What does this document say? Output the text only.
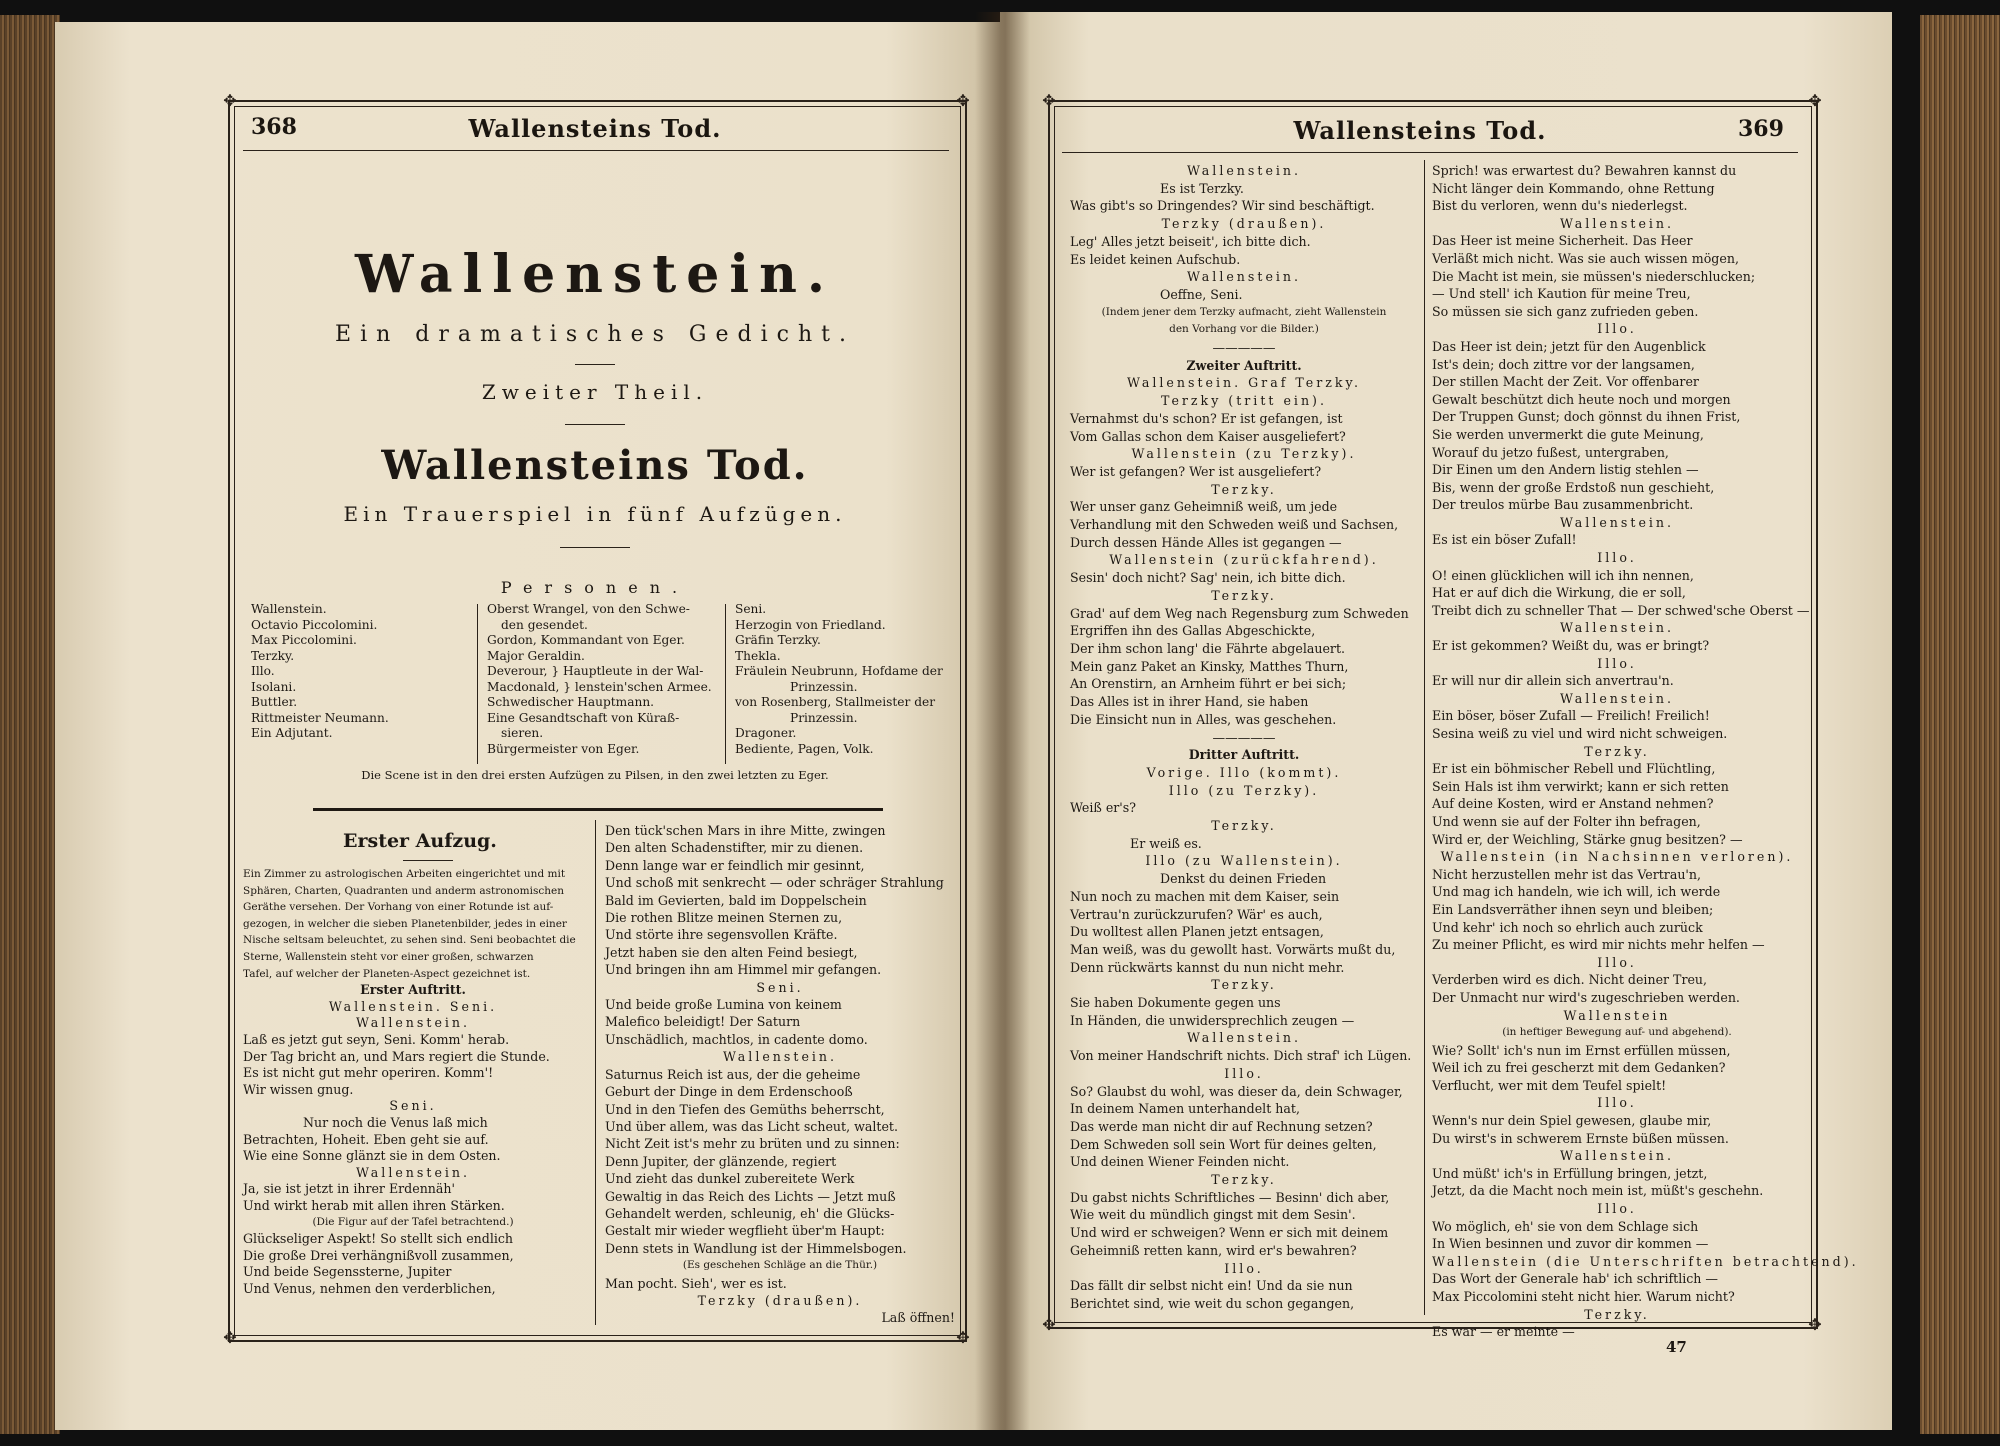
✥	✥
✥	✥
368	Wallensteins Tod.
Wallenstein.
Ein dramatisches Gedicht.
Zweiter Theil.
Wallensteins Tod.
Ein Trauerspiel in fünf Aufzügen.
Personen.
Wallenstein.
Octavio Piccolomini.
Max Piccolomini.
Terzky.
Illo.
Isolani.
Buttler.
Rittmeister Neumann.
Ein Adjutant.
Oberst Wrangel, von den Schwe-
den gesendet.
Gordon, Kommandant von Eger.
Major Geraldin.
Deverour, } Hauptleute in der Wal-
Macdonald, } lenstein'schen Armee.
Schwedischer Hauptmann.
Eine Gesandtschaft von Küraß-
sieren.
Bürgermeister von Eger.
Seni.
Herzogin von Friedland.
Gräfin Terzky.
Thekla.
Fräulein Neubrunn, Hofdame der
Prinzessin.
von Rosenberg, Stallmeister der
Prinzessin.
Dragoner.
Bediente, Pagen, Volk.
Die Scene ist in den drei ersten Aufzügen zu Pilsen, in den zwei letzten zu Eger.
Erster Aufzug.
Ein Zimmer zu astrologischen Arbeiten eingerichtet und mit
Sphären, Charten, Quadranten und anderm astronomischen
Geräthe versehen. Der Vorhang von einer Rotunde ist auf-
gezogen, in welcher die sieben Planetenbilder, jedes in einer
Nische seltsam beleuchtet, zu sehen sind. Seni beobachtet die
Sterne, Wallenstein steht vor einer großen, schwarzen
Tafel, auf welcher der Planeten-Aspect gezeichnet ist.
Erster Auftritt.
Wallenstein. Seni.
Wallenstein.
Laß es jetzt gut seyn, Seni. Komm' herab.
Der Tag bricht an, und Mars regiert die Stunde.
Es ist nicht gut mehr operiren. Komm'!
Wir wissen gnug.
Seni.
Nur noch die Venus laß mich
Betrachten, Hoheit. Eben geht sie auf.
Wie eine Sonne glänzt sie in dem Osten.
Wallenstein.
Ja, sie ist jetzt in ihrer Erdennäh'
Und wirkt herab mit allen ihren Stärken.
(Die Figur auf der Tafel betrachtend.)
Glückseliger Aspekt! So stellt sich endlich
Die große Drei verhängnißvoll zusammen,
Und beide Segenssterne, Jupiter
Und Venus, nehmen den verderblichen,
Den tück'schen Mars in ihre Mitte, zwingen
Den alten Schadenstifter, mir zu dienen.
Denn lange war er feindlich mir gesinnt,
Und schoß mit senkrecht — oder schräger Strahlung
Bald im Gevierten, bald im Doppelschein
Die rothen Blitze meinen Sternen zu,
Und störte ihre segensvollen Kräfte.
Jetzt haben sie den alten Feind besiegt,
Und bringen ihn am Himmel mir gefangen.
Seni.
Und beide große Lumina von keinem
Malefico beleidigt! Der Saturn
Unschädlich, machtlos, in cadente domo.
Wallenstein.
Saturnus Reich ist aus, der die geheime
Geburt der Dinge in dem Erdenschooß
Und in den Tiefen des Gemüths beherrscht,
Und über allem, was das Licht scheut, waltet.
Nicht Zeit ist's mehr zu brüten und zu sinnen:
Denn Jupiter, der glänzende, regiert
Und zieht das dunkel zubereitete Werk
Gewaltig in das Reich des Lichts — Jetzt muß
Gehandelt werden, schleunig, eh' die Glücks-
Gestalt mir wieder wegflieht über'm Haupt:
Denn stets in Wandlung ist der Himmelsbogen.
(Es geschehen Schläge an die Thür.)
Man pocht. Sieh', wer es ist.
Terzky (draußen).
Laß öffnen!
✥	✥
✥	✥
Wallensteins Tod.	369
Wallenstein.
Es ist Terzky.
Was gibt's so Dringendes? Wir sind beschäftigt.
Terzky (draußen).
Leg' Alles jetzt beiseit', ich bitte dich.
Es leidet keinen Aufschub.
Wallenstein.
Oeffne, Seni.
(Indem jener dem Terzky aufmacht, zieht Wallenstein
den Vorhang vor die Bilder.)
—————
Zweiter Auftritt.
Wallenstein. Graf Terzky.
Terzky (tritt ein).
Vernahmst du's schon? Er ist gefangen, ist
Vom Gallas schon dem Kaiser ausgeliefert?
Wallenstein (zu Terzky).
Wer ist gefangen? Wer ist ausgeliefert?
Terzky.
Wer unser ganz Geheimniß weiß, um jede
Verhandlung mit den Schweden weiß und Sachsen,
Durch dessen Hände Alles ist gegangen —
Wallenstein (zurückfahrend).
Sesin' doch nicht? Sag' nein, ich bitte dich.
Terzky.
Grad' auf dem Weg nach Regensburg zum Schweden
Ergriffen ihn des Gallas Abgeschickte,
Der ihm schon lang' die Fährte abgelauert.
Mein ganz Paket an Kinsky, Matthes Thurn,
An Orenstirn, an Arnheim führt er bei sich;
Das Alles ist in ihrer Hand, sie haben
Die Einsicht nun in Alles, was geschehen.
—————
Dritter Auftritt.
Vorige. Illo (kommt).
Illo (zu Terzky).
Weiß er's?
Terzky.
Er weiß es.
Illo (zu Wallenstein).
Denkst du deinen Frieden
Nun noch zu machen mit dem Kaiser, sein
Vertrau'n zurückzurufen? Wär' es auch,
Du wolltest allen Planen jetzt entsagen,
Man weiß, was du gewollt hast. Vorwärts mußt du,
Denn rückwärts kannst du nun nicht mehr.
Terzky.
Sie haben Dokumente gegen uns
In Händen, die unwidersprechlich zeugen —
Wallenstein.
Von meiner Handschrift nichts. Dich straf' ich Lügen.
Illo.
So? Glaubst du wohl, was dieser da, dein Schwager,
In deinem Namen unterhandelt hat,
Das werde man nicht dir auf Rechnung setzen?
Dem Schweden soll sein Wort für deines gelten,
Und deinen Wiener Feinden nicht.
Terzky.
Du gabst nichts Schriftliches — Besinn' dich aber,
Wie weit du mündlich gingst mit dem Sesin'.
Und wird er schweigen? Wenn er sich mit deinem
Geheimniß retten kann, wird er's bewahren?
Illo.
Das fällt dir selbst nicht ein! Und da sie nun
Berichtet sind, wie weit du schon gegangen,
Sprich! was erwartest du? Bewahren kannst du
Nicht länger dein Kommando, ohne Rettung
Bist du verloren, wenn du's niederlegst.
Wallenstein.
Das Heer ist meine Sicherheit. Das Heer
Verläßt mich nicht. Was sie auch wissen mögen,
Die Macht ist mein, sie müssen's niederschlucken;
— Und stell' ich Kaution für meine Treu,
So müssen sie sich ganz zufrieden geben.
Illo.
Das Heer ist dein; jetzt für den Augenblick
Ist's dein; doch zittre vor der langsamen,
Der stillen Macht der Zeit. Vor offenbarer
Gewalt beschützt dich heute noch und morgen
Der Truppen Gunst; doch gönnst du ihnen Frist,
Sie werden unvermerkt die gute Meinung,
Worauf du jetzo fußest, untergraben,
Dir Einen um den Andern listig stehlen —
Bis, wenn der große Erdstoß nun geschieht,
Der treulos mürbe Bau zusammenbricht.
Wallenstein.
Es ist ein böser Zufall!
Illo.
O! einen glücklichen will ich ihn nennen,
Hat er auf dich die Wirkung, die er soll,
Treibt dich zu schneller That — Der schwed'sche Oberst —
Wallenstein.
Er ist gekommen? Weißt du, was er bringt?
Illo.
Er will nur dir allein sich anvertrau'n.
Wallenstein.
Ein böser, böser Zufall — Freilich! Freilich!
Sesina weiß zu viel und wird nicht schweigen.
Terzky.
Er ist ein böhmischer Rebell und Flüchtling,
Sein Hals ist ihm verwirkt; kann er sich retten
Auf deine Kosten, wird er Anstand nehmen?
Und wenn sie auf der Folter ihn befragen,
Wird er, der Weichling, Stärke gnug besitzen? —
Wallenstein (in Nachsinnen verloren).
Nicht herzustellen mehr ist das Vertrau'n,
Und mag ich handeln, wie ich will, ich werde
Ein Landsverräther ihnen seyn und bleiben;
Und kehr' ich noch so ehrlich auch zurück
Zu meiner Pflicht, es wird mir nichts mehr helfen —
Illo.
Verderben wird es dich. Nicht deiner Treu,
Der Unmacht nur wird's zugeschrieben werden.
Wallenstein
(in heftiger Bewegung auf- und abgehend).
Wie? Sollt' ich's nun im Ernst erfüllen müssen,
Weil ich zu frei gescherzt mit dem Gedanken?
Verflucht, wer mit dem Teufel spielt!
Illo.
Wenn's nur dein Spiel gewesen, glaube mir,
Du wirst's in schwerem Ernste büßen müssen.
Wallenstein.
Und müßt' ich's in Erfüllung bringen, jetzt,
Jetzt, da die Macht noch mein ist, müßt's geschehn.
Illo.
Wo möglich, eh' sie von dem Schlage sich
In Wien besinnen und zuvor dir kommen —
Wallenstein (die Unterschriften betrachtend).
Das Wort der Generale hab' ich schriftlich —
Max Piccolomini steht nicht hier. Warum nicht?
Terzky.
Es war — er meinte —
47
